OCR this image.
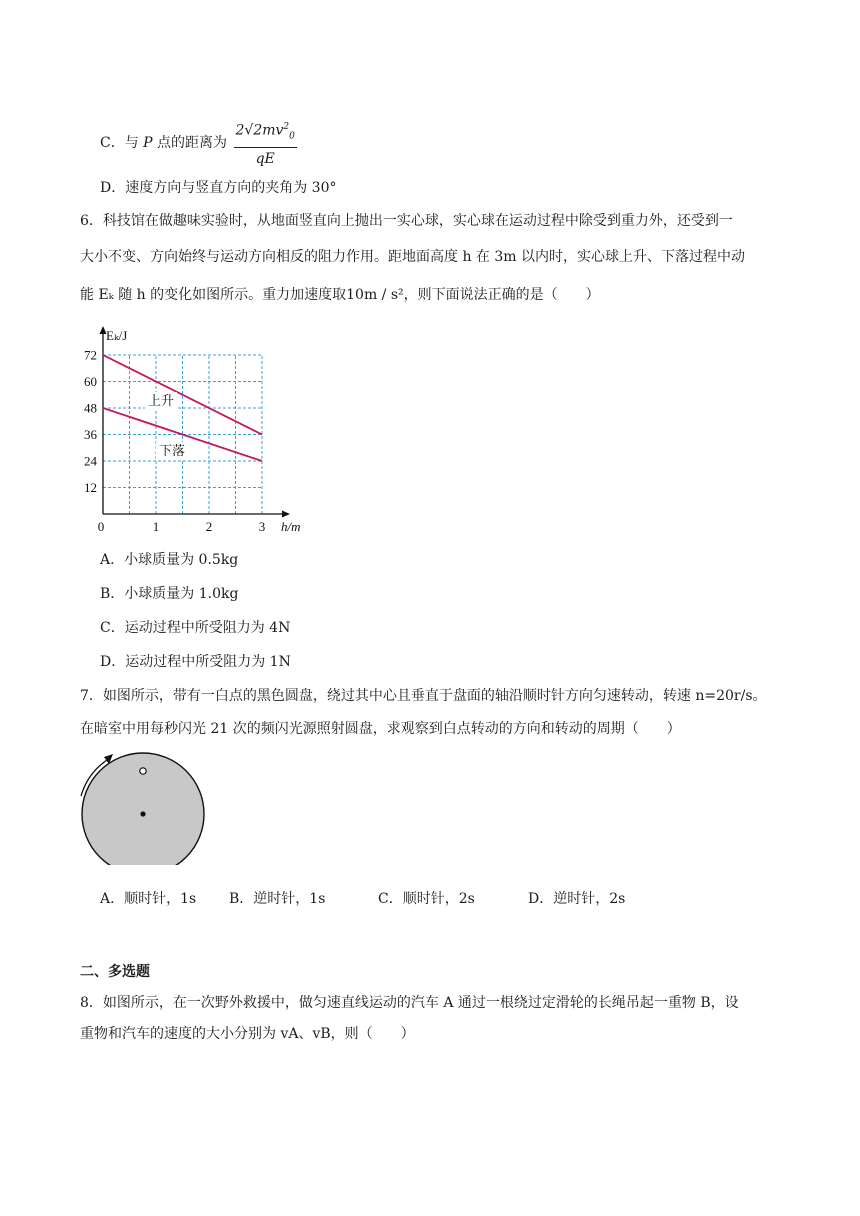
C．与 P 点的距离为 $\frac{2√2mv^2_0}{qE}$
D．速度方向与竖直方向的夹角为 30°
6．科技馆在做趣味实验时，从地面竖直向上抛出一实心球，实心球在运动过程中除受到重力外，还受到一
大小不变、方向始终与运动方向相反的阻力作用。距地面高度 h 在 3m 以内时，实心球上升、下落过程中动
能 Eₖ 随 h 的变化如图所示。重力加速度取10m / s²，则下面说法正确的是（　　）
0	1	2	3
12
24
36
48
60
72
Eₖ/J
h/m
上升
下落
A．小球质量为 0.5kg
B．小球质量为 1.0kg
C．运动过程中所受阻力为 4N
D．运动过程中所受阻力为 1N
7．如图所示，带有一白点的黑色圆盘，绕过其中心且垂直于盘面的轴沿顺时针方向匀速转动，转速 n=20r/s。
在暗室中用每秒闪光 21 次的频闪光源照射圆盘，求观察到白点转动的方向和转动的周期（　　）
A．顺时针，1s B．逆时针，1s	C．顺时针，2s	D．逆时针，2s
二、多选题
8．如图所示，在一次野外救援中，做匀速直线运动的汽车 A 通过一根绕过定滑轮的长绳吊起一重物 B，设
重物和汽车的速度的大小分别为 vA、vB，则（　　）
